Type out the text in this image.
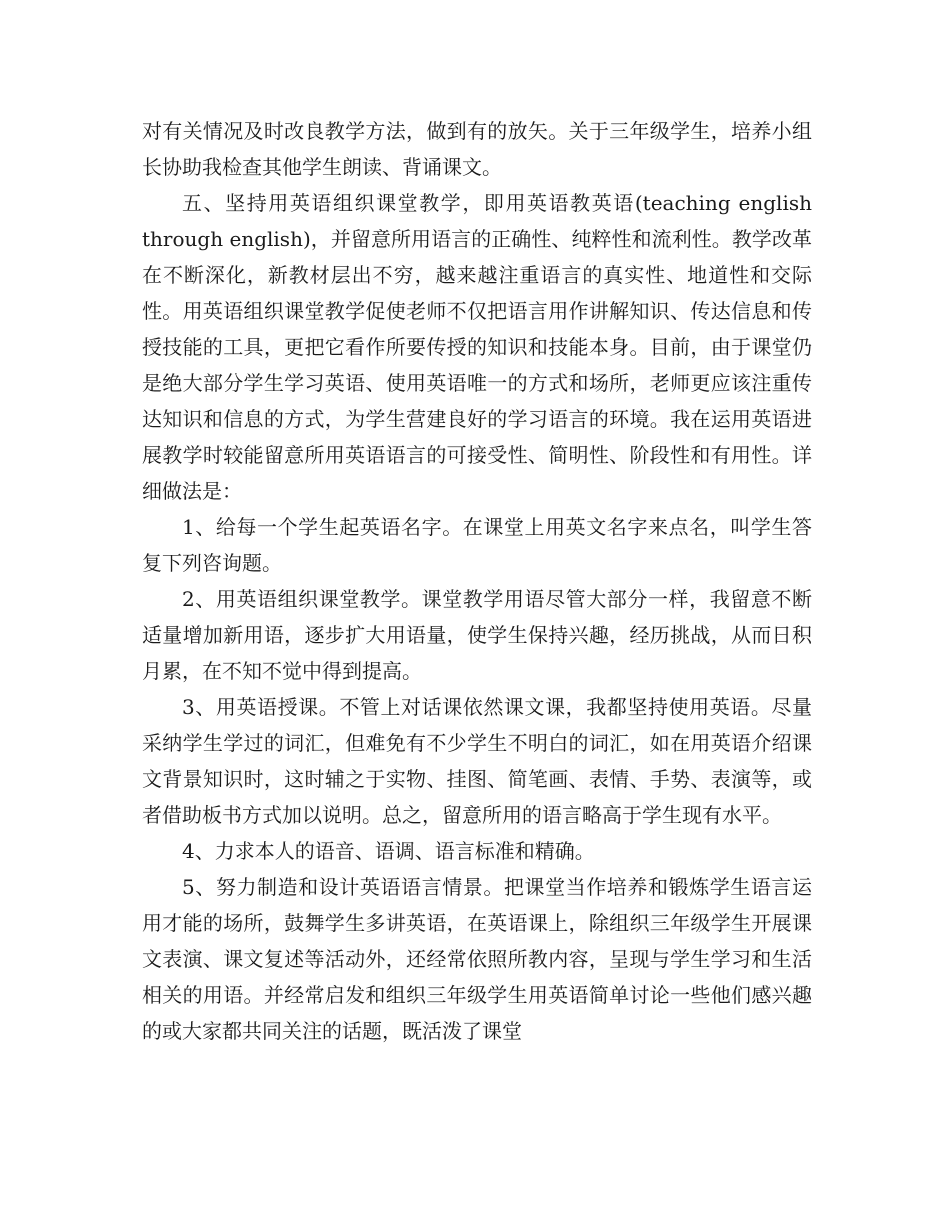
对有关情况及时改良教学方法，做到有的放矢。关于三年级学生，培养小组长协助我检查其他学生朗读、背诵课文。

五、坚持用英语组织课堂教学，即用英语教英语(teaching english through english)，并留意所用语言的正确性、纯粹性和流利性。教学改革在不断深化，新教材层出不穷，越来越注重语言的真实性、地道性和交际性。用英语组织课堂教学促使老师不仅把语言用作讲解知识、传达信息和传授技能的工具，更把它看作所要传授的知识和技能本身。目前，由于课堂仍是绝大部分学生学习英语、使用英语唯一的方式和场所，老师更应该注重传达知识和信息的方式，为学生营建良好的学习语言的环境。我在运用英语进展教学时较能留意所用英语语言的可接受性、简明性、阶段性和有用性。详细做法是：

1、给每一个学生起英语名字。在课堂上用英文名字来点名，叫学生答复下列咨询题。

2、用英语组织课堂教学。课堂教学用语尽管大部分一样，我留意不断适量增加新用语，逐步扩大用语量，使学生保持兴趣，经历挑战，从而日积月累，在不知不觉中得到提高。

3、用英语授课。不管上对话课依然课文课，我都坚持使用英语。尽量采纳学生学过的词汇，但难免有不少学生不明白的词汇，如在用英语介绍课文背景知识时，这时辅之于实物、挂图、简笔画、表情、手势、表演等，或者借助板书方式加以说明。总之，留意所用的语言略高于学生现有水平。

4、力求本人的语音、语调、语言标准和精确。

5、努力制造和设计英语语言情景。把课堂当作培养和锻炼学生语言运用才能的场所，鼓舞学生多讲英语，在英语课上，除组织三年级学生开展课文表演、课文复述等活动外，还经常依照所教内容，呈现与学生学习和生活相关的用语。并经常启发和组织三年级学生用英语简单讨论一些他们感兴趣的或大家都共同关注的话题，既活泼了课堂
